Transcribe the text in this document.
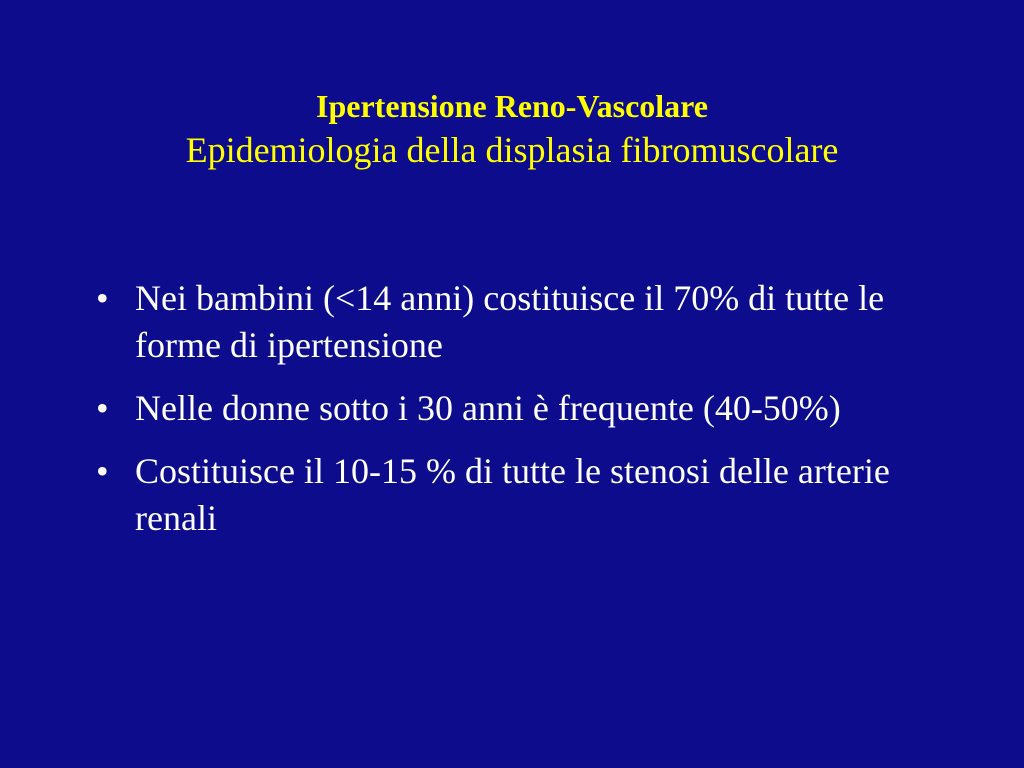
Ipertensione Reno-Vascolare
Epidemiologia della displasia fibromuscolare
• Nei bambini (<14 anni) costituisce il 70% di tutte le forme di ipertensione
• Nelle donne sotto i 30 anni è frequente (40-50%)
• Costituisce il 10-15 % di tutte le stenosi delle arterie renali
